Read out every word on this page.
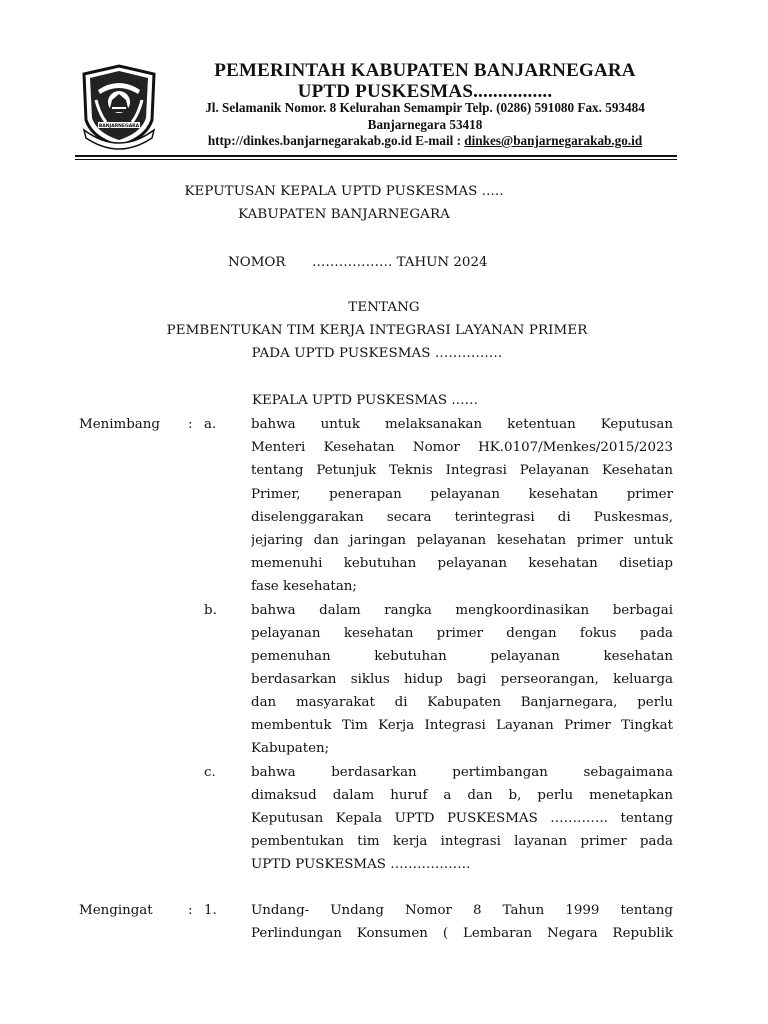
BANJARNEGARA
PEMERINTAH KABUPATEN BANJARNEGARA
UPTD PUSKESMAS................
Jl. Selamanik Nomor. 8 Kelurahan Semampir Telp. (0286) 591080 Fax. 593484
Banjarnegara 53418
http://dinkes.banjarnegarakab.go.id E-mail : dinkes@banjarnegarakab.go.id
KEPUTUSAN KEPALA UPTD PUSKESMAS .....
KABUPATEN BANJARNEGARA
NOMOR ……………… TAHUN 2024
TENTANG
PEMBENTUKAN TIM KERJA INTEGRASI LAYANAN PRIMER
PADA UPTD PUSKESMAS ……………
KEPALA UPTD PUSKESMAS ……
Menimbang : a.	bahwa untuk melaksanakan ketentuan Keputusan
Menteri Kesehatan Nomor HK.0107/Menkes/2015/2023
tentang Petunjuk Teknis Integrasi Pelayanan Kesehatan
Primer, penerapan pelayanan kesehatan primer
diselenggarakan secara terintegrasi di Puskesmas,
jejaring dan jaringan pelayanan kesehatan primer untuk
memenuhi kebutuhan pelayanan kesehatan disetiap
fase kesehatan;
b.	bahwa dalam rangka mengkoordinasikan berbagai
pelayanan kesehatan primer dengan fokus pada
pemenuhan kebutuhan pelayanan kesehatan
berdasarkan siklus hidup bagi perseorangan, keluarga
dan masyarakat di Kabupaten Banjarnegara, perlu
membentuk Tim Kerja Integrasi Layanan Primer Tingkat
Kabupaten;
c.	bahwa berdasarkan pertimbangan sebagaimana
dimaksud dalam huruf a dan b, perlu menetapkan
Keputusan Kepala UPTD PUSKESMAS …………. tentang
pembentukan tim kerja integrasi layanan primer pada
UPTD PUSKESMAS ………………
Mengingat	: 1.	Undang- Undang Nomor 8 Tahun 1999 tentang
Perlindungan Konsumen ( Lembaran Negara Republik
